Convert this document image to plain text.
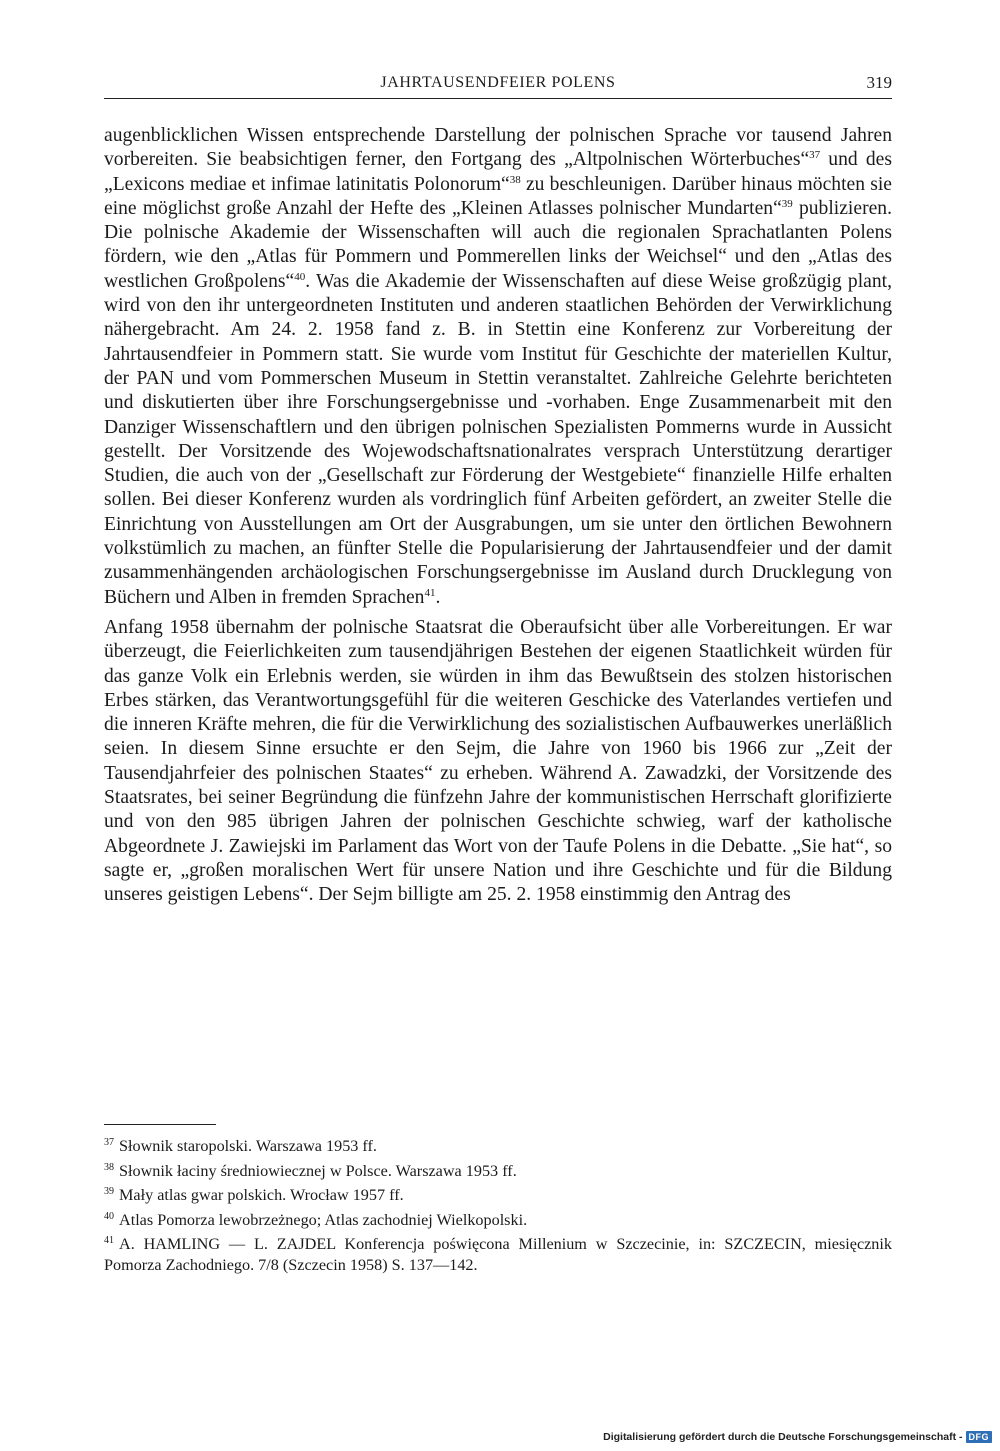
JAHRTAUSENDFEIER POLENS	319

augenblicklichen Wissen entsprechende Darstellung der polnischen Sprache vor tausend Jahren vorbereiten. Sie beabsichtigen ferner, den Fortgang des „Altpolnischen Wörterbuches“$^{37}$ und des „Lexicons mediae et infimae latinitatis Polonorum“$^{38}$ zu beschleunigen. Darüber hinaus möchten sie eine möglichst große Anzahl der Hefte des „Kleinen Atlasses polnischer Mundarten“$^{39}$ publizieren. Die polnische Akademie der Wissenschaften will auch die regionalen Sprachatlanten Polens fördern, wie den „Atlas für Pommern und Pommerellen links der Weichsel“ und den „Atlas des westlichen Großpolens“$^{40}$. Was die Akademie der Wissenschaften auf diese Weise großzügig plant, wird von den ihr untergeordneten Instituten und anderen staatlichen Behörden der Verwirklichung nähergebracht. Am 24. 2. 1958 fand z. B. in Stettin eine Konferenz zur Vorbereitung der Jahrtausendfeier in Pommern statt. Sie wurde vom Institut für Geschichte der materiellen Kultur, der PAN und vom Pommerschen Museum in Stettin veranstaltet. Zahlreiche Gelehrte berichteten und diskutierten über ihre Forschungsergebnisse und -vorhaben. Enge Zusammenarbeit mit den Danziger Wissenschaftlern und den übrigen polnischen Spezialisten Pommerns wurde in Aussicht gestellt. Der Vorsitzende des Wojewodschaftsnationalrates versprach Unterstützung derartiger Studien, die auch von der „Gesellschaft zur Förderung der Westgebiete“ finanzielle Hilfe erhalten sollen. Bei dieser Konferenz wurden als vordringlich fünf Arbeiten gefördert, an zweiter Stelle die Einrichtung von Ausstellungen am Ort der Ausgrabungen, um sie unter den örtlichen Bewohnern volkstümlich zu machen, an fünfter Stelle die Popularisierung der Jahrtausendfeier und der damit zusammenhängenden archäologischen Forschungsergebnisse im Ausland durch Drucklegung von Büchern und Alben in fremden Sprachen$^{41}$.

Anfang 1958 übernahm der polnische Staatsrat die Oberaufsicht über alle Vorbereitungen. Er war überzeugt, die Feierlichkeiten zum tausendjährigen Bestehen der eigenen Staatlichkeit würden für das ganze Volk ein Erlebnis werden, sie würden in ihm das Bewußtsein des stolzen historischen Erbes stärken, das Verantwortungsgefühl für die weiteren Geschicke des Vaterlandes vertiefen und die inneren Kräfte mehren, die für die Verwirklichung des sozialistischen Aufbauwerkes unerläßlich seien. In diesem Sinne ersuchte er den Sejm, die Jahre von 1960 bis 1966 zur „Zeit der Tausendjahrfeier des polnischen Staates“ zu erheben. Während A. Zawadzki, der Vorsitzende des Staatsrates, bei seiner Begründung die fünfzehn Jahre der kommunistischen Herrschaft glorifizierte und von den 985 übrigen Jahren der polnischen Geschichte schwieg, warf der katholische Abgeordnete J. Zawiejski im Parlament das Wort von der Taufe Polens in die Debatte. „Sie hat“, so sagte er, „großen moralischen Wert für unsere Nation und ihre Geschichte und für die Bildung unseres geistigen Lebens“. Der Sejm billigte am 25. 2. 1958 einstimmig den Antrag des

$^{37}$ Słownik staropolski. Warszawa 1953 ff.
$^{38}$ Słownik łaciny średniowiecznej w Polsce. Warszawa 1953 ff.
$^{39}$ Mały atlas gwar polskich. Wrocław 1957 ff.
$^{40}$ Atlas Pomorza lewobrzeżnego; Atlas zachodniej Wielkopolski.
$^{41}$ A. HAMLING — L. ZAJDEL Konferencja poświęcona Millenium w Szczecinie, in: SZCZECIN, miesięcznik Pomorza Zachodniego. 7/8 (Szczecin 1958) S. 137—142.
Digitalisierung gefördert durch die Deutsche Forschungsgemeinschaft - DFG
